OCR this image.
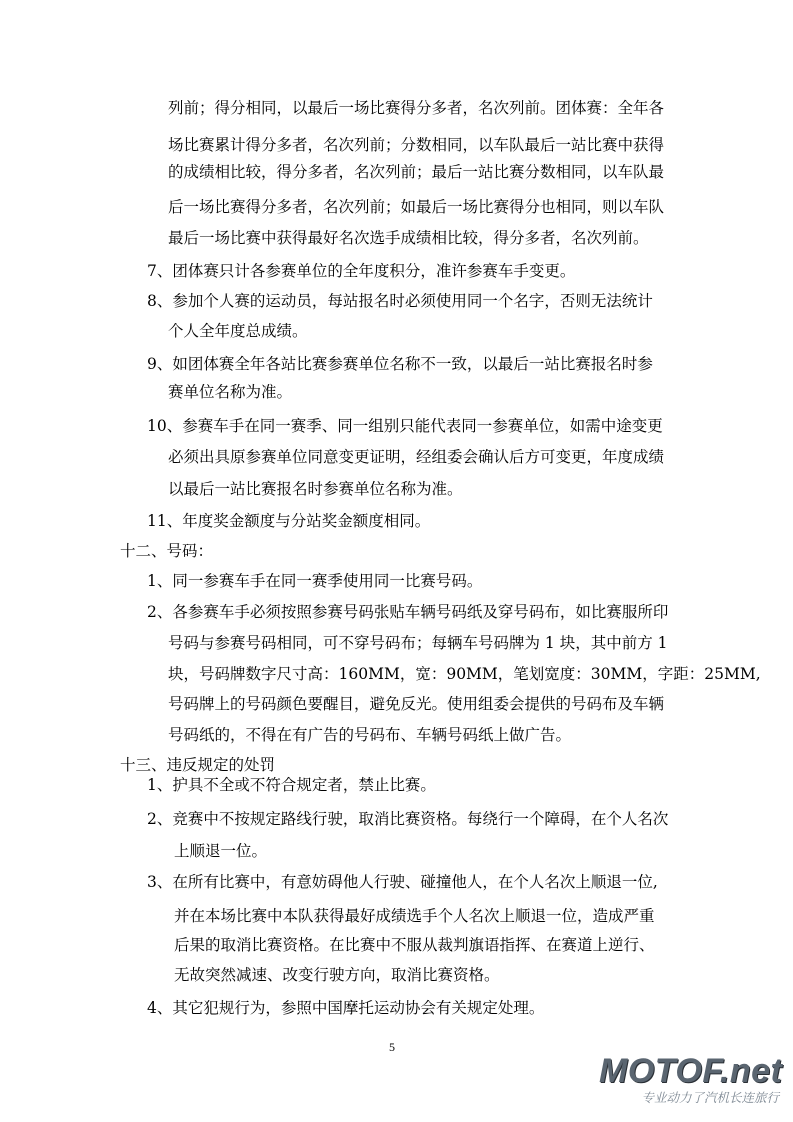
列前；得分相同，以最后一场比赛得分多者，名次列前。团体赛：全年各
场比赛累计得分多者，名次列前；分数相同，以车队最后一站比赛中获得
的成绩相比较，得分多者，名次列前；最后一站比赛分数相同，以车队最
后一场比赛得分多者，名次列前；如最后一场比赛得分也相同，则以车队
最后一场比赛中获得最好名次选手成绩相比较，得分多者，名次列前。
7、团体赛只计各参赛单位的全年度积分，准许参赛车手变更。
8、参加个人赛的运动员，每站报名时必须使用同一个名字，否则无法统计
个人全年度总成绩。
9、如团体赛全年各站比赛参赛单位名称不一致，以最后一站比赛报名时参
赛单位名称为准。
10、参赛车手在同一赛季、同一组别只能代表同一参赛单位，如需中途变更
必须出具原参赛单位同意变更证明，经组委会确认后方可变更，年度成绩
以最后一站比赛报名时参赛单位名称为准。
11、年度奖金额度与分站奖金额度相同。
十二、号码：
1、同一参赛车手在同一赛季使用同一比赛号码。
2、各参赛车手必须按照参赛号码张贴车辆号码纸及穿号码布，如比赛服所印
号码与参赛号码相同，可不穿号码布；每辆车号码牌为 1 块，其中前方 1
块，号码牌数字尺寸高：160MM，宽：90MM，笔划宽度：30MM，字距：25MM,
号码牌上的号码颜色要醒目，避免反光。使用组委会提供的号码布及车辆
号码纸的，不得在有广告的号码布、车辆号码纸上做广告。
十三、违反规定的处罚
1、护具不全或不符合规定者，禁止比赛。
2、竞赛中不按规定路线行驶，取消比赛资格。每绕行一个障碍，在个人名次
上顺退一位。
3、在所有比赛中，有意妨碍他人行驶、碰撞他人，在个人名次上顺退一位,
并在本场比赛中本队获得最好成绩选手个人名次上顺退一位，造成严重
后果的取消比赛资格。在比赛中不服从裁判旗语指挥、在赛道上逆行、
无故突然减速、改变行驶方向，取消比赛资格。
4、其它犯规行为，参照中国摩托运动协会有关规定处理。
5
MOTOF.net
专业动力了汽机长连旅行
